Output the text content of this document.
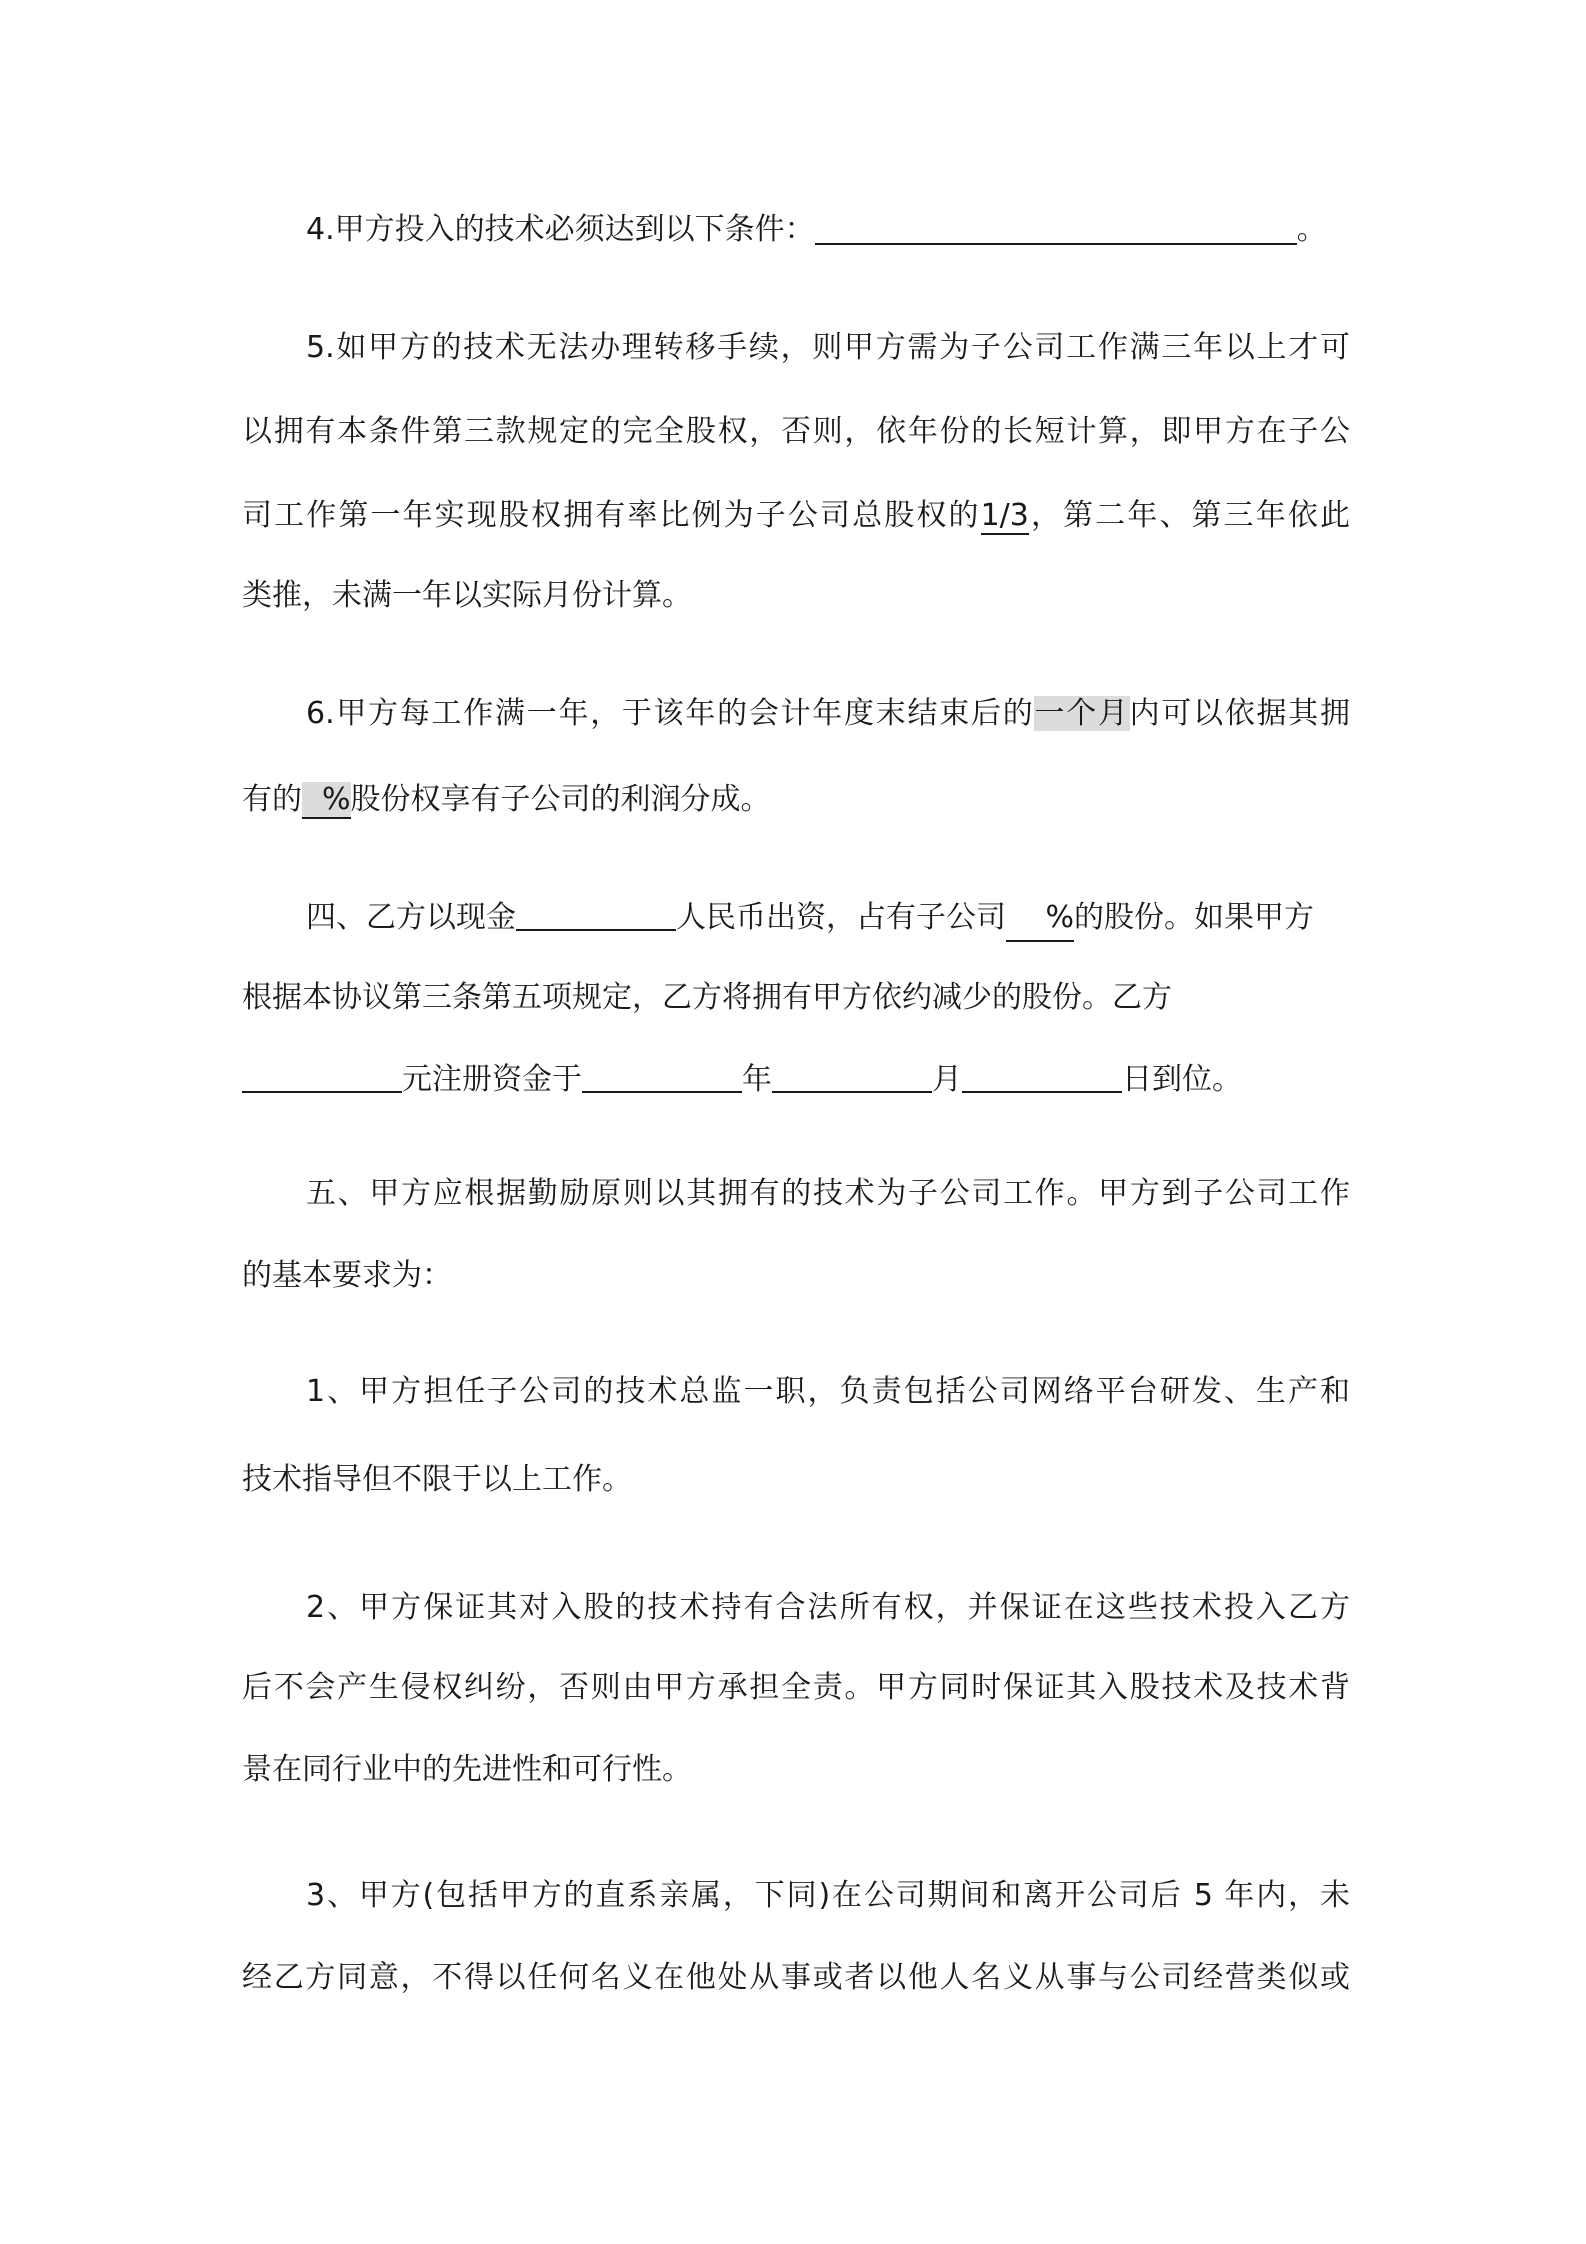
4.甲方投入的技术必须达到以下条件：	。

5.如甲方的技术无法办理转移手续，则甲方需为子公司工作满三年以上才可

以拥有本条件第三款规定的完全股权，否则，依年份的长短计算，即甲方在子公

司工作第一年实现股权拥有率比例为子公司总股权的1/3，第二年、第三年依此

类推，未满一年以实际月份计算。

6.甲方每工作满一年，于该年的会计年度末结束后的一个月内可以依据其拥

有的 %股份权享有子公司的利润分成。

四、乙方以现金	人民币出资，占有子公司 %的股份。如果甲方

根据本协议第三条第五项规定，乙方将拥有甲方依约减少的股份。乙方

元注册资金于	年	月	日到位。

五、甲方应根据勤励原则以其拥有的技术为子公司工作。甲方到子公司工作

的基本要求为：

1、甲方担任子公司的技术总监一职，负责包括公司网络平台研发、生产和

技术指导但不限于以上工作。

2、甲方保证其对入股的技术持有合法所有权，并保证在这些技术投入乙方

后不会产生侵权纠纷，否则由甲方承担全责。甲方同时保证其入股技术及技术背

景在同行业中的先进性和可行性。

3、甲方(包括甲方的直系亲属，下同)在公司期间和离开公司后 5 年内，未

经乙方同意，不得以任何名义在他处从事或者以他人名义从事与公司经营类似或
